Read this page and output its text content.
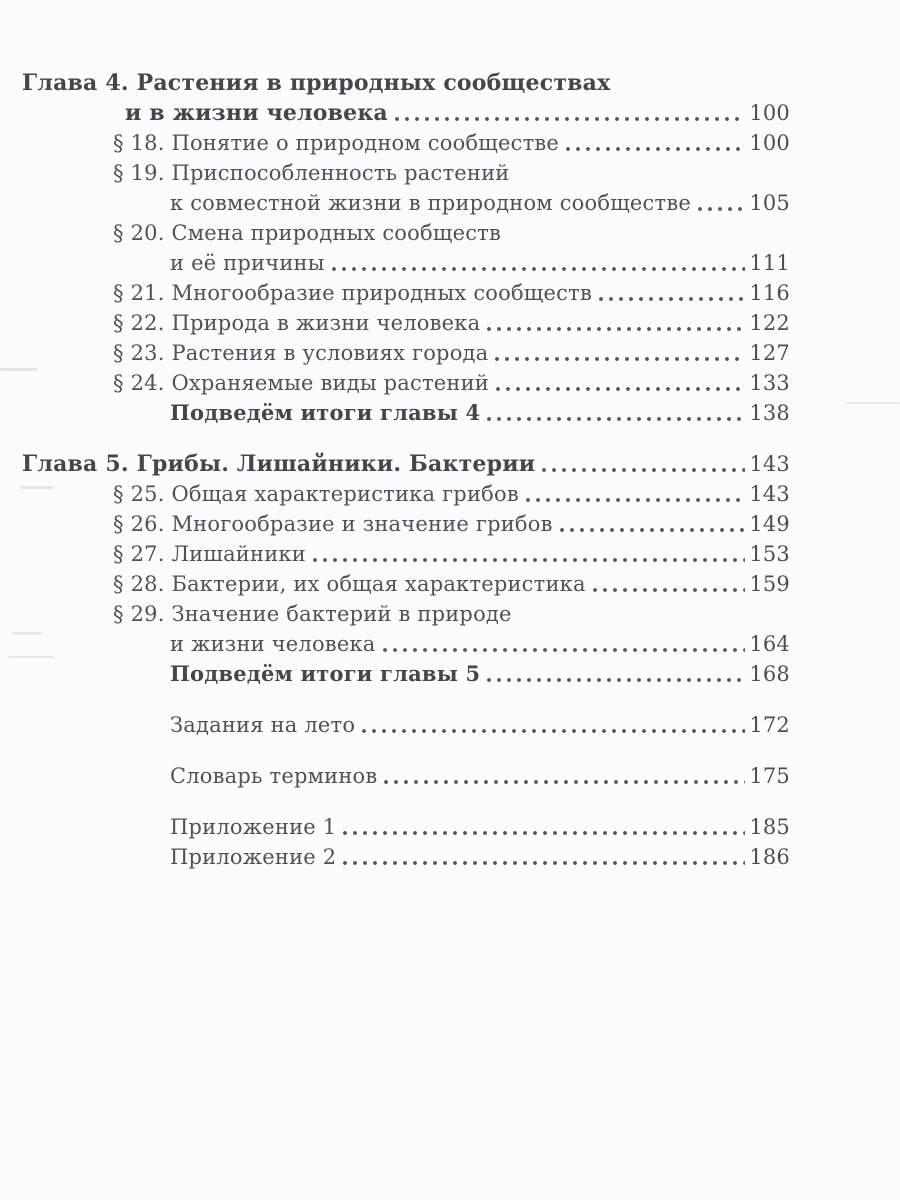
Глава 4. Растения в природных сообществах
и в жизни человека	100
§ 18. Понятие о природном сообществе	100
§ 19. Приспособленность растений
к совместной жизни в природном сообществе	105
§ 20. Смена природных сообществ
и её причины	111
§ 21. Многообразие природных сообществ	116
§ 22. Природа в жизни человека	122
§ 23. Растения в условиях города	127
§ 24. Охраняемые виды растений	133
Подведём итоги главы 4	138
Глава 5. Грибы. Лишайники. Бактерии	143
§ 25. Общая характеристика грибов	143
§ 26. Многообразие и значение грибов	149
§ 27. Лишайники	153
§ 28. Бактерии, их общая характеристика	159
§ 29. Значение бактерий в природе
и жизни человека	164
Подведём итоги главы 5	168
Задания на лето	172
Словарь терминов	175
Приложение 1	185
Приложение 2	186
